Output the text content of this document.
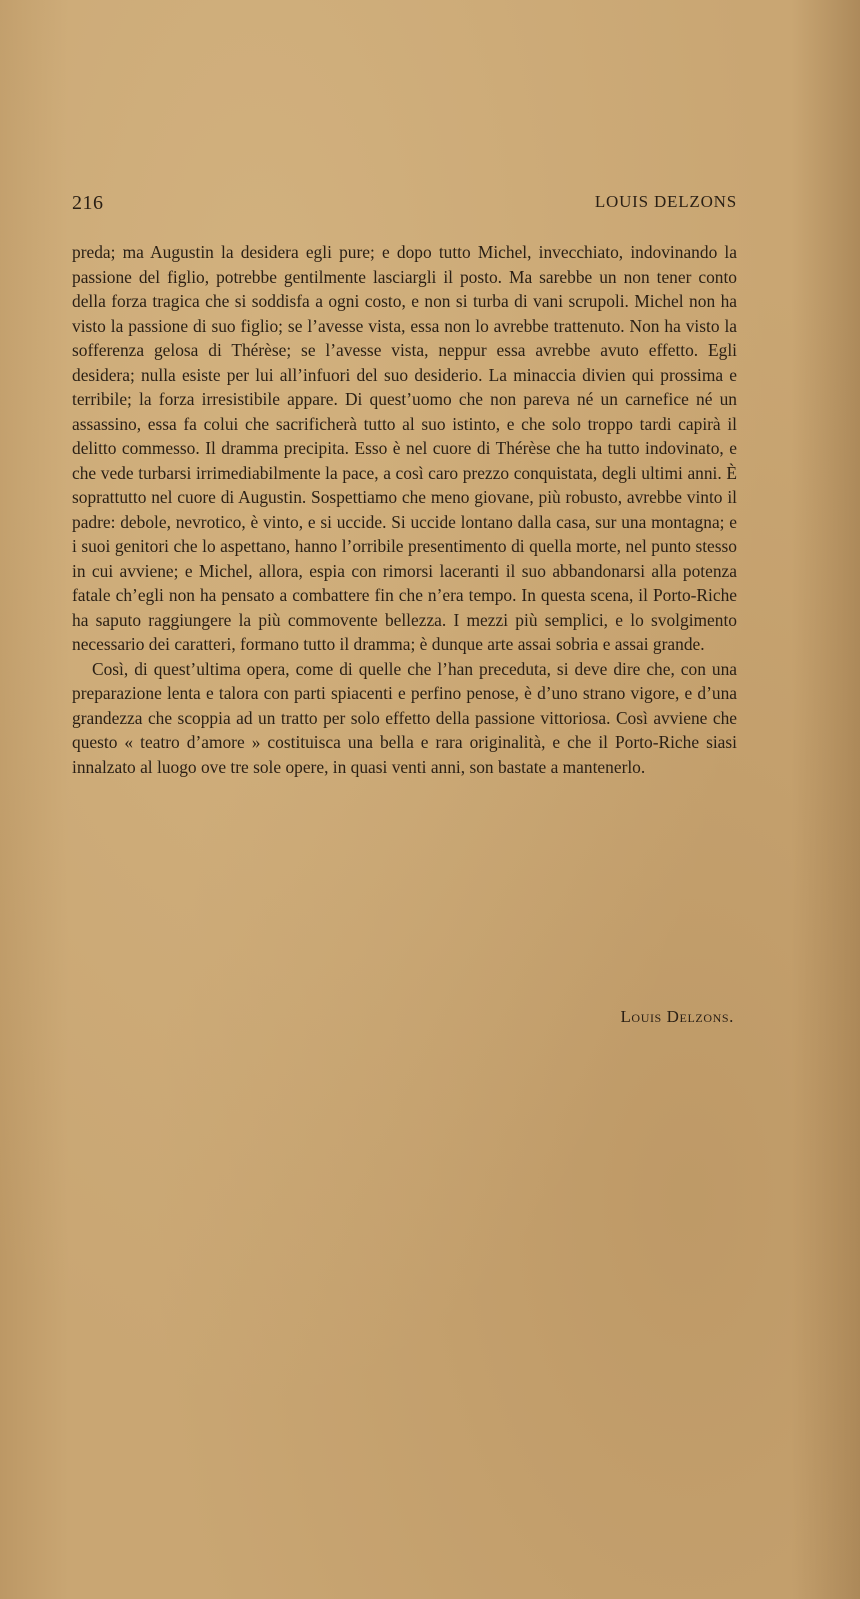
216	LOUIS DELZONS

preda; ma Augustin la desidera egli pure; e dopo tutto Michel, invecchiato, indovinando la passione del figlio, potrebbe gentilmente lasciargli il posto. Ma sarebbe un non tener conto della forza tragica che si soddisfa a ogni costo, e non si turba di vani scrupoli. Michel non ha visto la passione di suo figlio; se l’avesse vista, essa non lo avrebbe trattenuto. Non ha visto la sofferenza gelosa di Thérèse; se l’avesse vista, neppur essa avrebbe avuto effetto. Egli desidera; nulla esiste per lui all’infuori del suo desiderio. La minaccia divien qui prossima e terribile; la forza irresistibile appare. Di quest’uomo che non pareva né un carnefice né un assassino, essa fa colui che sacrificherà tutto al suo istinto, e che solo troppo tardi capirà il delitto commesso. Il dramma precipita. Esso è nel cuore di Thérèse che ha tutto indovinato, e che vede turbarsi irrimediabilmente la pace, a così caro prezzo conquistata, degli ultimi anni. È soprattutto nel cuore di Augustin. Sospettiamo che meno giovane, più robusto, avrebbe vinto il padre: debole, nevrotico, è vinto, e si uccide. Si uccide lontano dalla casa, sur una montagna; e i suoi genitori che lo aspettano, hanno l’orribile presentimento di quella morte, nel punto stesso in cui avviene; e Michel, allora, espia con rimorsi laceranti il suo abbandonarsi alla potenza fatale ch’egli non ha pensato a combattere fin che n’era tempo. In questa scena, il Porto-Riche ha saputo raggiungere la più commovente bellezza. I mezzi più semplici, e lo svolgimento necessario dei caratteri, formano tutto il dramma; è dunque arte assai sobria e assai grande.

Così, di quest’ultima opera, come di quelle che l’han preceduta, si deve dire che, con una preparazione lenta e talora con parti spiacenti e perfino penose, è d’uno strano vigore, e d’una grandezza che scoppia ad un tratto per solo effetto della passione vittoriosa. Così avviene che questo « teatro d’amore » costituisca una bella e rara originalità, e che il Porto-Riche siasi innalzato al luogo ove tre sole opere, in quasi venti anni, son bastate a mantenerlo.

Louis Delzons.
